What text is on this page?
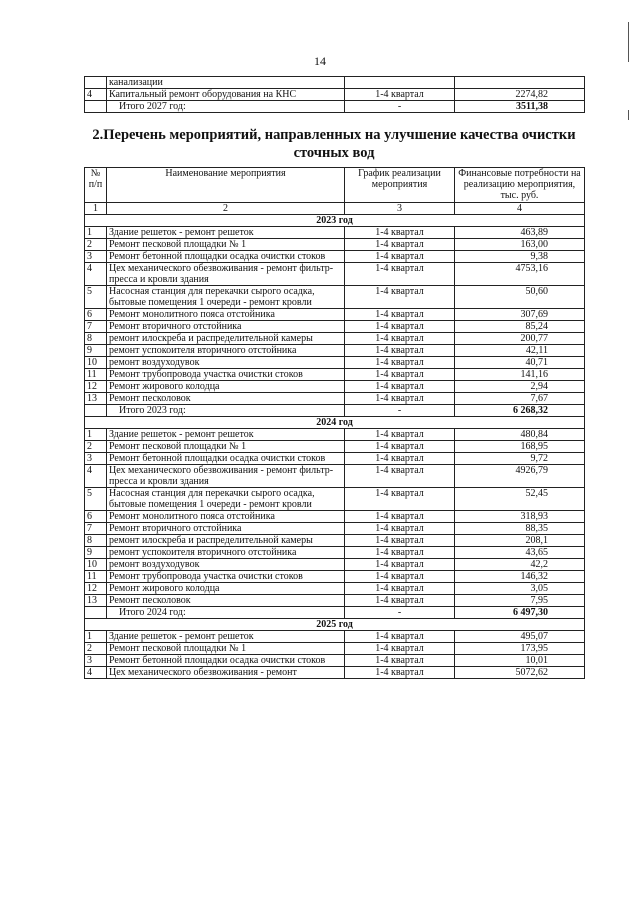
14
	канализации		
4	Капитальный ремонт оборудования на КНС	1-4 квартал	2274,82
	Итого 2027 год:	-	3511,38
2.Перечень мероприятий, направленных на улучшение качества очистки сточных вод
№ п/п	Наименование мероприятия	График реализации мероприятия	Финансовые потребности на реализацию мероприятия, тыс. руб.
1	2	3	4
2023 год			
1	Здание решеток - ремонт решеток	1-4 квартал	463,89
2	Ремонт песковой площадки № 1	1-4 квартал	163,00
3	Ремонт бетонной площадки осадка очистки стоков	1-4 квартал	9,38
4	Цех механического обезвоживания - ремонт фильтр-пресса и кровли здания	1-4 квартал	4753,16
5	Насосная станция для перекачки сырого осадка, бытовые помещения 1 очереди - ремонт кровли	1-4 квартал	50,60
6	Ремонт монолитного пояса отстойника	1-4 квартал	307,69
7	Ремонт вторичного отстойника	1-4 квартал	85,24
8	ремонт илоскреба и распределительной камеры	1-4 квартал	200,77
9	ремонт успокоителя вторичного отстойника	1-4 квартал	42,11
10	ремонт воздуходувок	1-4 квартал	40,71
11	Ремонт трубопровода участка очистки стоков	1-4 квартал	141,16
12	Ремонт жирового колодца	1-4 квартал	2,94
13	Ремонт песколовок	1-4 квартал	7,67
	Итого 2023 год:	-	6 268,32
2024 год			
1	Здание решеток - ремонт решеток	1-4 квартал	480,84
2	Ремонт песковой площадки № 1	1-4 квартал	168,95
3	Ремонт бетонной площадки осадка очистки стоков	1-4 квартал	9,72
4	Цех механического обезвоживания - ремонт фильтр-пресса и кровли здания	1-4 квартал	4926,79
5	Насосная станция для перекачки сырого осадка, бытовые помещения 1 очереди - ремонт кровли	1-4 квартал	52,45
6	Ремонт монолитного пояса отстойника	1-4 квартал	318,93
7	Ремонт вторичного отстойника	1-4 квартал	88,35
8	ремонт илоскреба и распределительной камеры	1-4 квартал	208,1
9	ремонт успокоителя вторичного отстойника	1-4 квартал	43,65
10	ремонт воздуходувок	1-4 квартал	42,2
11	Ремонт трубопровода участка очистки стоков	1-4 квартал	146,32
12	Ремонт жирового колодца	1-4 квартал	3,05
13	Ремонт песколовок	1-4 квартал	7,95
	Итого 2024 год:	-	6 497,30
2025 год			
1	Здание решеток - ремонт решеток	1-4 квартал	495,07
2	Ремонт песковой площадки № 1	1-4 квартал	173,95
3	Ремонт бетонной площадки осадка очистки стоков	1-4 квартал	10,01
4	Цех механического обезвоживания - ремонт	1-4 квартал	5072,62
